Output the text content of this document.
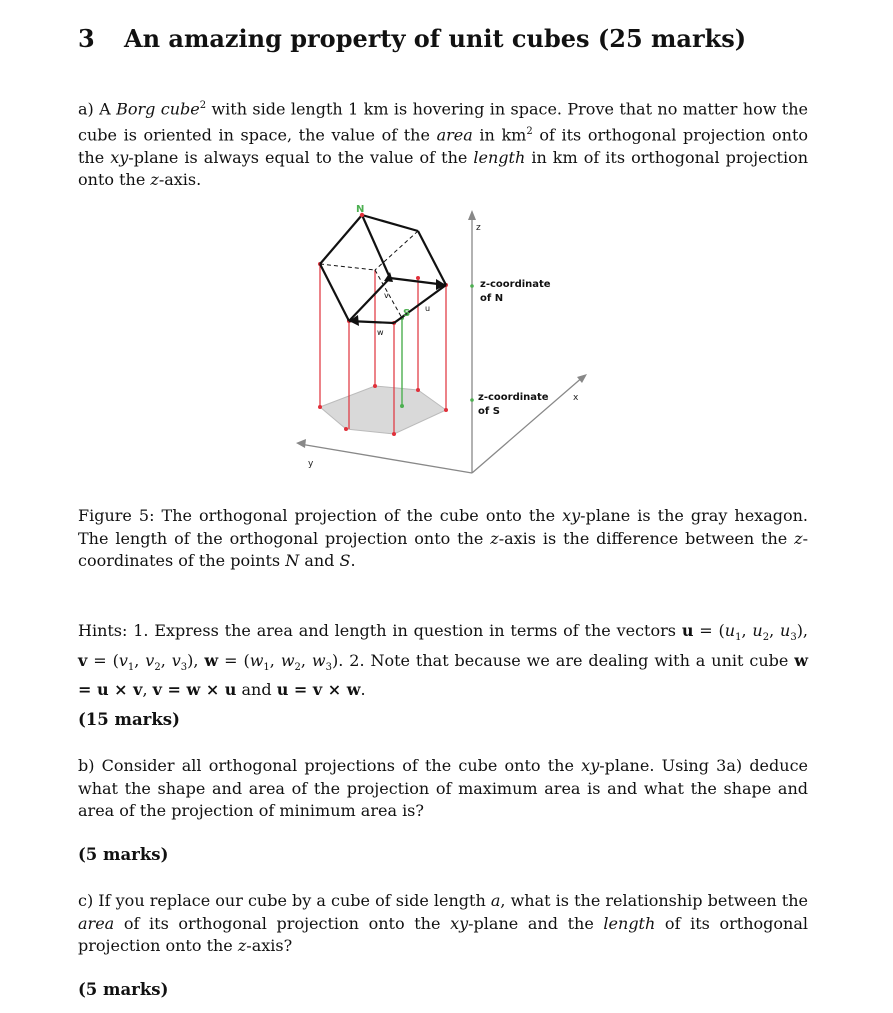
3 An amazing property of unit cubes (25 marks)

a) A Borg cube$^2$ with side length 1 km is hovering in space. Prove that no matter how the cube is oriented in space, the value of the area in $km^2$ of its orthogonal projection onto the xy-plane is always equal to the value of the length in km of its orthogonal projection onto the z-axis.

N
S
v
u
w
z
x
y
z-coordinate of N
z-coordinate of S

Figure 5: The orthogonal projection of the cube onto the xy-plane is the gray hexagon. The length of the orthogonal projection onto the z-axis is the difference between the z-coordinates of the points N and S.

Hints: 1. Express the area and length in question in terms of the vectors $u = (u_1$, $u_2$, $u_3$), $v = (v_1$, $v_2$, $v_3$), $w = (w_1$, $w_2$, $w_3$). 2. Note that because we are dealing with a unit cube w = u × v, v = w × u and u = v × w.

(15 marks)

b) Consider all orthogonal projections of the cube onto the xy-plane. Using 3a) deduce what the shape and area of the projection of maximum area is and what the shape and area of the projection of minimum area is?

(5 marks)

c) If you replace our cube by a cube of side length a, what is the relationship between the area of its orthogonal projection onto the xy-plane and the length of its orthogonal projection onto the z-axis?

(5 marks)
